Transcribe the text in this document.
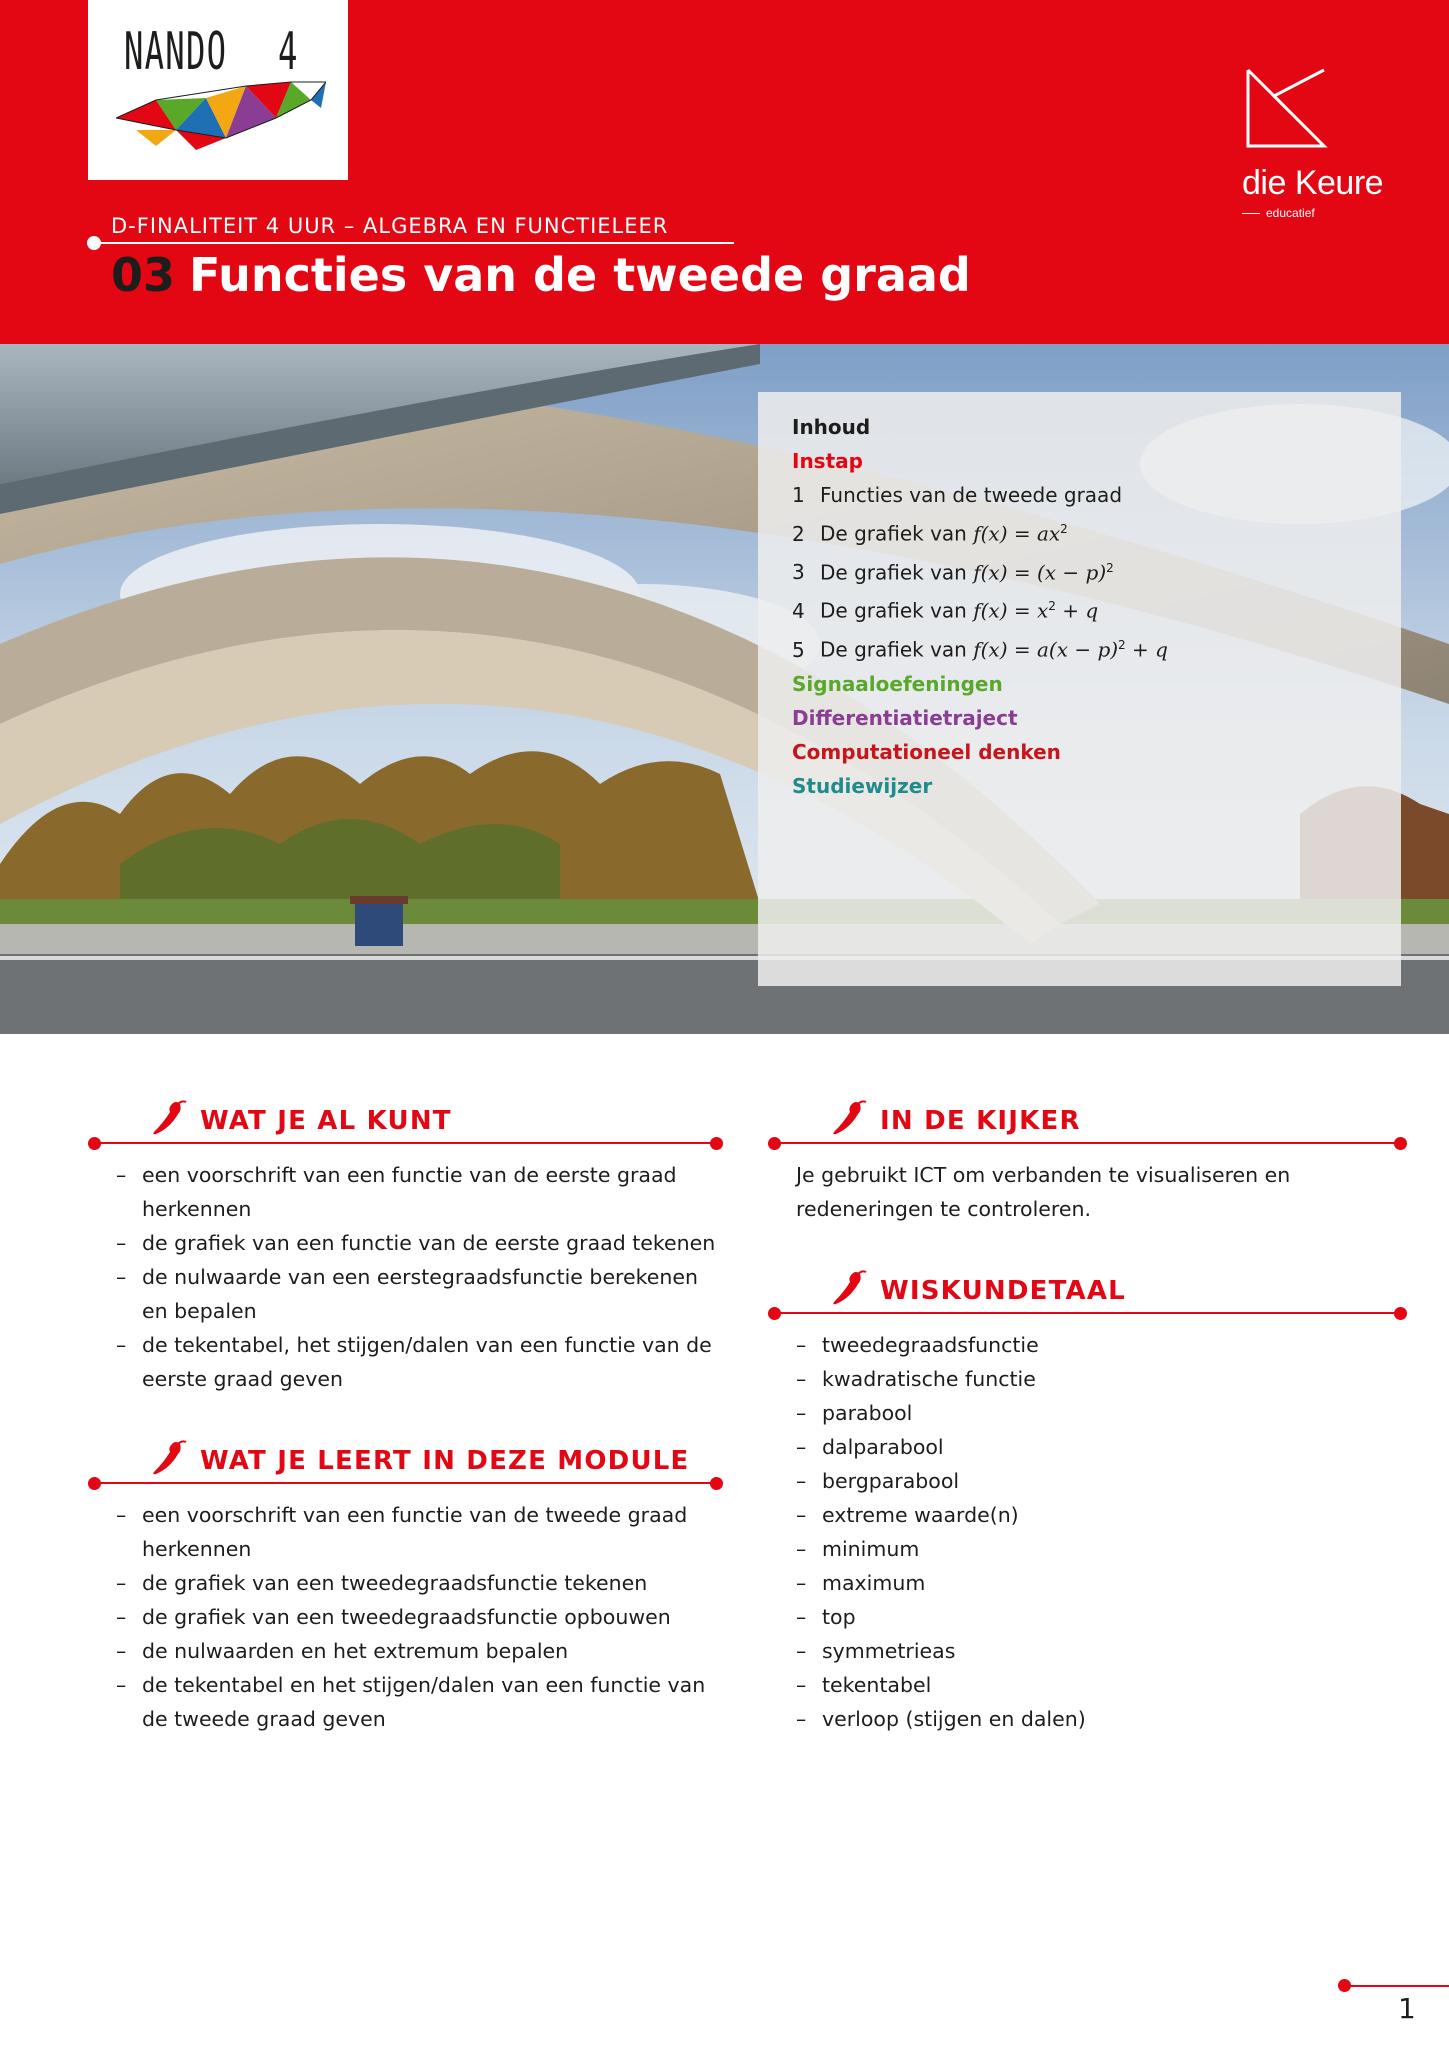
NANDO 4
die Keure
educatief
D-FINALITEIT 4 UUR – ALGEBRA EN FUNCTIELEER
03 Functies van de tweede graad
Inhoud
Instap
1 Functies van de tweede graad
2 De grafiek van $f(x) = ax^2$
3 De grafiek van $f(x) = (x - p)^2$
4 De grafiek van $f(x) = x^2 + q$
5 De grafiek van $f(x) = a(x - p)^2 + q$
Signaaloefeningen
Differentiatietraject
Computationeel denken
Studiewijzer
WAT JE AL KUNT
– een voorschrift van een functie van de eerste graad herkennen
– de grafiek van een functie van de eerste graad tekenen
– de nulwaarde van een eerstegraadsfunctie berekenen en bepalen
– de tekentabel, het stijgen/dalen van een functie van de eerste graad geven
WAT JE LEERT IN DEZE MODULE
– een voorschrift van een functie van de tweede graad herkennen
– de grafiek van een tweedegraadsfunctie tekenen
– de grafiek van een tweedegraadsfunctie opbouwen
– de nulwaarden en het extremum bepalen
– de tekentabel en het stijgen/dalen van een functie van de tweede graad geven
IN DE KIJKER

Je gebruikt ICT om verbanden te visualiseren en redeneringen te controleren.

WISKUNDETAAL
– tweedegraadsfunctie
– kwadratische functie
– parabool
– dalparabool
– bergparabool
– extreme waarde(n)
– minimum
– maximum
– top
– symmetrieas
– tekentabel
– verloop (stijgen en dalen)
1
